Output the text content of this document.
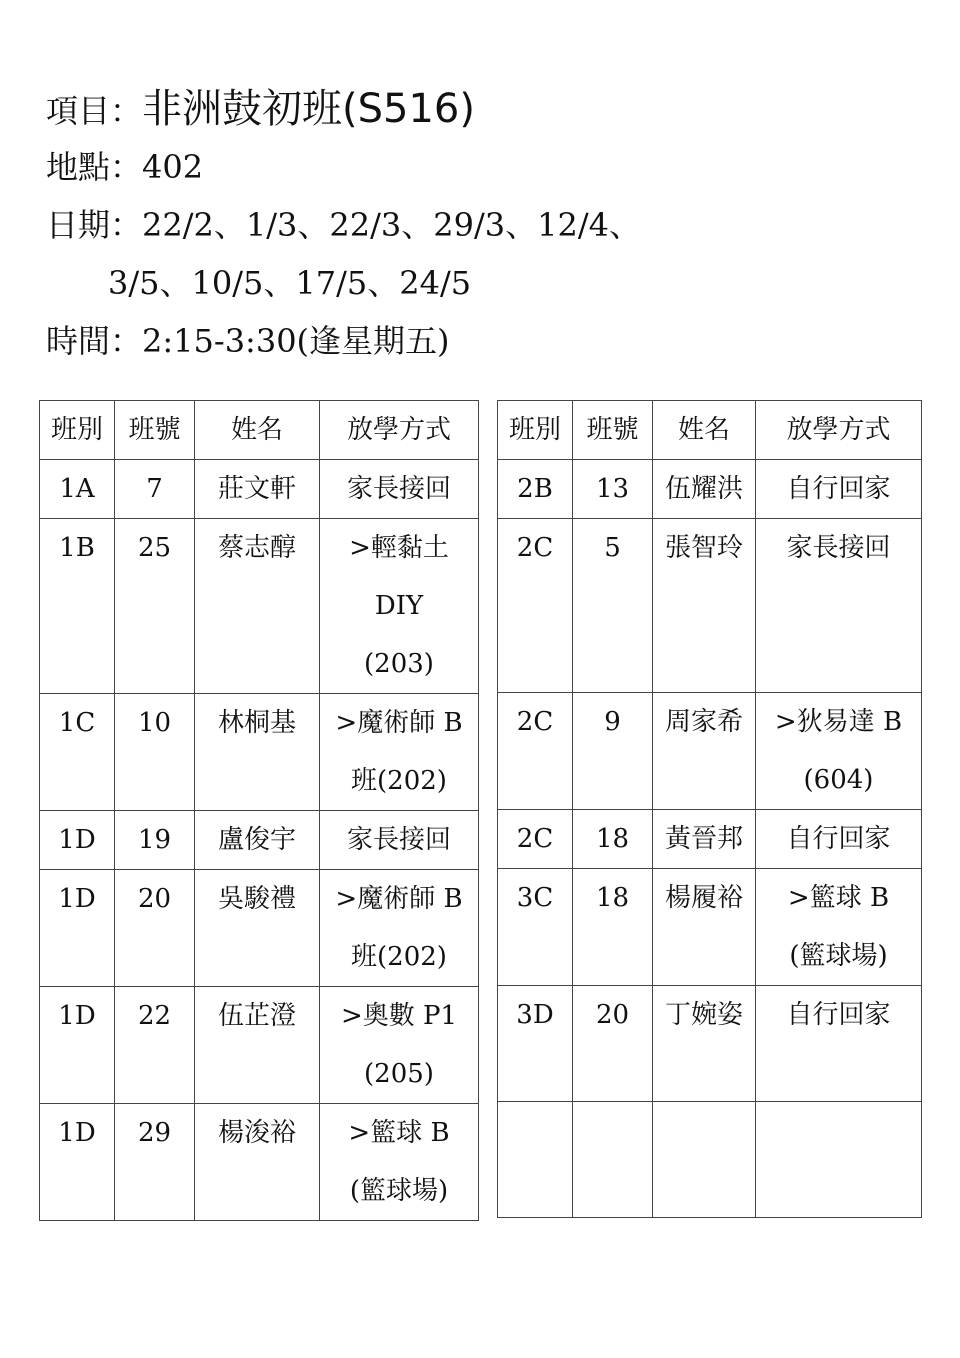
項目：非洲鼓初班(S516)
地點：402
日期：22/2、1/3、22/3、29/3、12/4、
3/5、10/5、17/5、24/5
時間：2:15-3:30(逢星期五)
班別	班號	姓名	放學方式
1A	7	莊文軒	家長接回

1B	25	蔡志醇	>輕黏土
DIY
(203)

1C	10	林桐基	>魔術師 B
班(202)

1D	19	盧俊宇	家長接回

1D	20	吳駿禮	>魔術師 B
班(202)

1D	22	伍芷澄	>奧數 P1
(205)

1D	29	楊浚裕	>籃球 B
(籃球場)
班別	班號	姓名	放學方式
2B	13	伍耀洪	自行回家

2C	5	張智玲	家長接回

2C	9	周家希	>狄易達 B
(604)

2C	18	黃晉邦	自行回家

3C	18	楊履裕	>籃球 B
(籃球場)

3D	20	丁婉姿	自行回家
